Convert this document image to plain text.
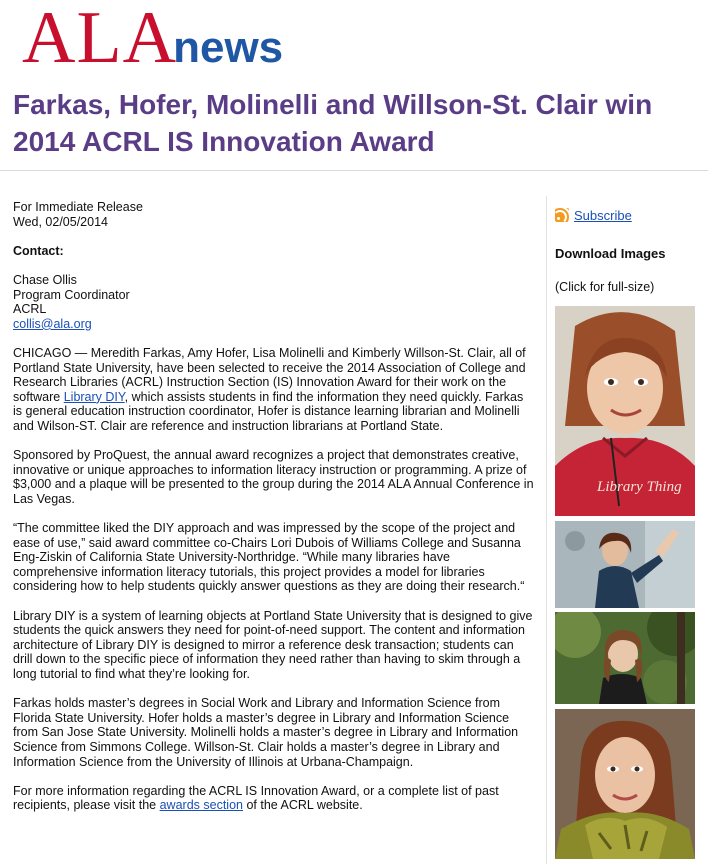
ALAnews
Farkas, Hofer, Molinelli and Willson-St. Clair win 2014 ACRL IS Innovation Award

For Immediate Release
Wed, 02/05/2014

Contact:

Chase Ollis
Program Coordinator
ACRL
collis@ala.org

CHICAGO — Meredith Farkas, Amy Hofer, Lisa Molinelli and Kimberly Willson-St. Clair, all of Portland State University, have been selected to receive the 2014 Association of College and Research Libraries (ACRL) Instruction Section (IS) Innovation Award for their work on the software Library DIY, which assists students in find the information they need quickly. Farkas is general education instruction coordinator, Hofer is distance learning librarian and Molinelli and Wilson-ST. Clair are reference and instruction librarians at Portland State.

Sponsored by ProQuest, the annual award recognizes a project that demonstrates creative, innovative or unique approaches to information literacy instruction or programming. A prize of $3,000 and a plaque will be presented to the group during the 2014 ALA Annual Conference in Las Vegas.

“The committee liked the DIY approach and was impressed by the scope of the project and ease of use,” said award committee co-Chairs Lori Dubois of Williams College and Susanna Eng-Ziskin of California State University-Northridge. “While many libraries have comprehensive information literacy tutorials, this project provides a model for libraries considering how to help students quickly answer questions as they are doing their research.“

Library DIY is a system of learning objects at Portland State University that is designed to give students the quick answers they need for point-of-need support. The content and information architecture of Library DIY is designed to mirror a reference desk transaction; students can drill down to the specific piece of information they need rather than having to skim through a long tutorial to find what they’re looking for.

Farkas holds master’s degrees in Social Work and Library and Information Science from Florida State University. Hofer holds a master’s degree in Library and Information Science from San Jose State University. Molinelli holds a master’s degree in Library and Information Science from Simmons College. Willson-St. Clair holds a master’s degree in Library and Information Science from the University of Illinois at Urbana-Champaign.

For more information regarding the ACRL IS Innovation Award, or a complete list of past recipients, please visit the awards section of the ACRL website.

Subscribe
Download Images
(Click for full-size)
Library Thing
